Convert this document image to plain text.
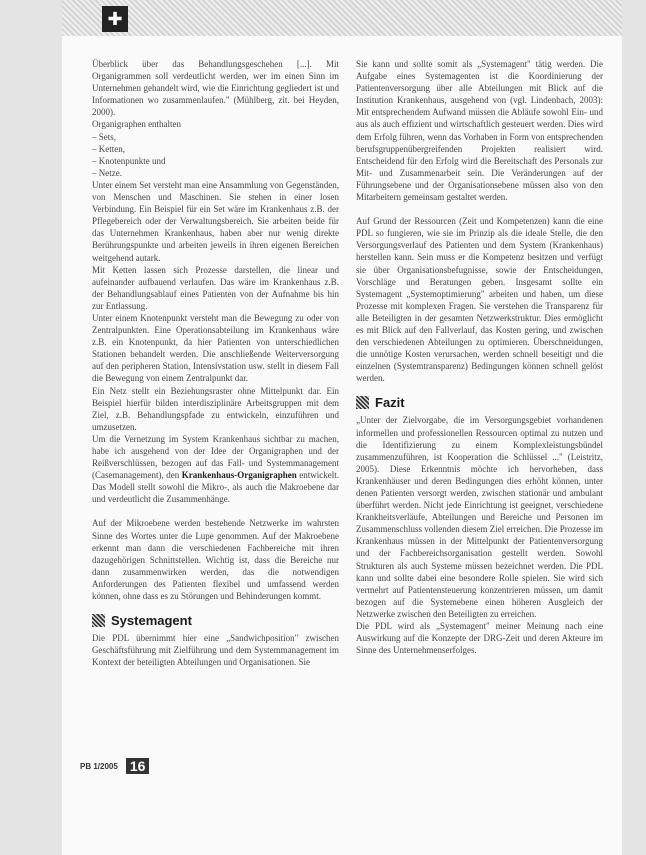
✚

Überblick über das Behandlungsgeschehen [...]. Mit Organigrammen soll verdeutlicht werden, wer im einen Sinn im Unternehmen gehandelt wird, wie die Einrichtung gegliedert ist und Informationen wo zusammenlaufen." (Mühlberg, zit. bei Heyden, 2000).

Organigraphen enthalten

– Sets,
– Ketten,
– Knotenpunkte und
– Netze.

Unter einem Set versteht man eine Ansammlung von Gegenständen, von Menschen und Maschinen. Sie stehen in einer losen Verbindung. Ein Beispiel für ein Set wäre im Krankenhaus z.B. der Pflegebereich oder der Verwaltungsbereich. Sie arbeiten beide für das Unternehmen Krankenhaus, haben aber nur wenig direkte Berührungspunkte und arbeiten jeweils in ihren eigenen Bereichen weitgehend autark.

Mit Ketten lassen sich Prozesse darstellen, die linear und aufeinander aufbauend verlaufen. Das wäre im Krankenhaus z.B. der Behandlungsablauf eines Patienten von der Aufnahme bis hin zur Entlassung.

Unter einem Knotenpunkt versteht man die Bewegung zu oder von Zentralpunkten. Eine Operationsabteilung im Krankenhaus wäre z.B. ein Knotenpunkt, da hier Patienten von unterschiedlichen Stationen behandelt werden. Die anschließende Weiterversorgung auf den peripheren Station, Intensivstation usw. stellt in diesem Fall die Bewegung von einem Zentralpunkt dar.

Ein Netz stellt ein Beziehungsraster ohne Mittelpunkt dar. Ein Beispiel hierfür bilden interdisziplinäre Arbeitsgruppen mit dem Ziel, z.B. Behandlungspfade zu entwickeln, einzuführen und umzusetzen.

Um die Vernetzung im System Krankenhaus sichtbar zu machen, habe ich ausgehend von der Idee der Organigraphen und der Reißverschlüssen, bezogen auf das Fall- und Systemmanagement (Casemanagement), den Krankenhaus-Organigraphen entwickelt. Das Modell stellt sowohl die Mikro-, als auch die Makroebene dar und verdeutlicht die Zusammenhänge.

Auf der Mikroebene werden bestehende Netzwerke im wahrsten Sinne des Wortes unter die Lupe genommen. Auf der Makroebene erkennt man dann die verschiedenen Fachbereiche mit ihren dazugehörigen Schnittstellen. Wichtig ist, dass die Bereiche nur dann zusammenwirken werden, das die notwendigen Anforderungen des Patienten flexibel und umfassend werden können, ohne dass es zu Störungen und Behinderungen kommt.

Systemagent

Die PDL übernimmt hier eine „Sandwichposition" zwischen Geschäftsführung mit Zielführung und dem Systemmanagement im Kontext der beteiligten Abteilungen und Organisationen. Sie

Sie kann und sollte somit als „Systemagent" tätig werden. Die Aufgabe eines Systemagenten ist die Koordinierung der Patientenversorgung über alle Abteilungen mit Blick auf die Institution Krankenhaus, ausgehend von (vgl. Lindenbach, 2003): Mit entsprechendem Aufwand müssen die Abläufe sowohl Ein- und aus als auch effizient und wirtschaftlich gesteuert werden. Dies wird dem Erfolg führen, wenn das Vorhaben in Form von entsprechenden berufsgruppenübergreifenden Projekten realisiert wird. Entscheidend für den Erfolg wird die Bereitschaft des Personals zur Mit- und Zusammenarbeit sein. Die Veränderungen auf der Führungsebene und der Organisationsebene müssen also von den Mitarbeitern gemeinsam gestaltet werden.

Auf Grund der Ressourcen (Zeit und Kompetenzen) kann die eine PDL so fungieren, wie sie im Prinzip als die ideale Stelle, die den Versorgungsverlauf des Patienten und dem System (Krankenhaus) herstellen kann. Sein muss er die Kompetenz besitzen und verfügt sie über Organisationsbefugnisse, sowie der Entscheidungen, Vorschläge und Beratungen geben. Insgesamt sollte ein Systemagent „Systemoptimierung" arbeiten und haben, um diese Prozesse mit komplexen Fragen. Sie verstehen die Transparenz für alle Beteiligten in der gesamten Netzwerkstruktur. Dies ermöglicht es mit Blick auf den Fallverlauf, das Kosten gering, und zwischen den verschiedenen Abteilungen zu optimieren. Überschneidungen, die unnötige Kosten verursachen, werden schnell beseitigt und die einzelnen (Systemtransparenz) Bedingungen können schnell gelöst werden.

Fazit

„Unter der Zielvorgabe, die im Versorgungsgebiet vorhandenen informellen und professionellen Ressourcen optimal zu nutzen und die Identifizierung zu einem Komplexleistungsbündel zusammenzuführen, ist Kooperation die Schlüssel ..." (Leistritz, 2005). Diese Erkenntnis möchte ich hervorheben, dass Krankenhäuser und deren Bedingungen dies erhöht können, unter denen Patienten versorgt werden, zwischen stationär und ambulant überführt werden. Nicht jede Einrichtung ist geeignet, verschiedene Krankheitsverläufe, Abteilungen und Bereiche und Personen im Zusammenschluss vollenden diesem Ziel erreichen. Die Prozesse im Krankenhaus müssen in der Mittelpunkt der Patientenversorgung und der Fachbereichsorganisation gestellt werden. Sowohl Strukturen als auch Systeme müssen bezeichnet werden. Die PDL kann und sollte dabei eine besondere Rolle spielen. Sie wird sich vermehrt auf Patientensteuerung konzentrieren müssen, um damit bezogen auf die Systemebene einen höheren Ausgleich der Netzwerke zwischen den Beteiligten zu erreichen.

Die PDL wird als „Systemagent" meiner Meinung nach eine Auswirkung auf die Konzepte der DRG-Zeit und deren Akteure im Sinne des Unternehmenserfolges.

PB 1/2005 16
